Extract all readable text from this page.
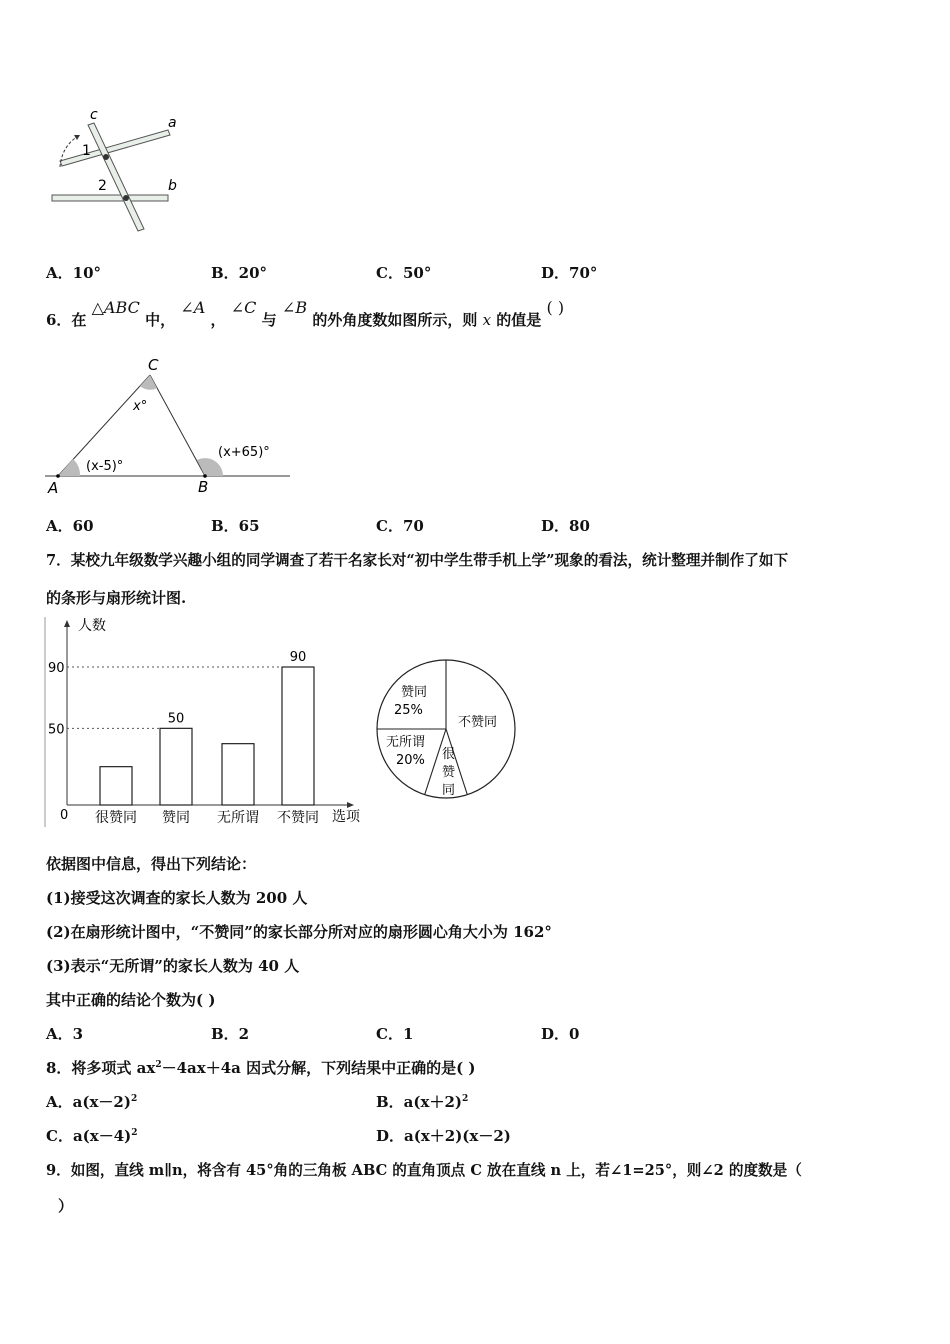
c	a
b
1
2
A．10°	B．20°	C．50°	D．70°
6．在 △ABC 中， ∠A ， ∠C 与 ∠B 的外角度数如图所示，则 x 的值是 ( )
C
A	B
x°
(x-5)°
(x+65)°
A．60	B．65	C．70	D．80
7．某校九年级数学兴趣小组的同学调查了若干名家长对“初中学生带手机上学”现象的看法，统计整理并制作了如下
的条形与扇形统计图.
人数
选项
0
90
50
很赞同 赞同
50
无所谓 不赞同
90
赞同
25%
不赞同
无所谓
20% 很 赞 同
依据图中信息，得出下列结论：
(1)接受这次调查的家长人数为 200 人
(2)在扇形统计图中，“不赞同”的家长部分所对应的扇形圆心角大小为 162°
(3)表示“无所谓”的家长人数为 40 人
其中正确的结论个数为( )
A．3	B．2	C．1	D．0
8．将多项式 $ax^2-4ax+4a$ 因式分解，下列结果中正确的是( )
A．$a(x-2)^2$	B．$a(x+2)^2$
C．$a(x-4)^2$	D．a(x＋2)(x－2)
9．如图，直线 m∥n，将含有 45°角的三角板 ABC 的直角顶点 C 放在直线 n 上，若∠1=25°，则∠2 的度数是（
）
